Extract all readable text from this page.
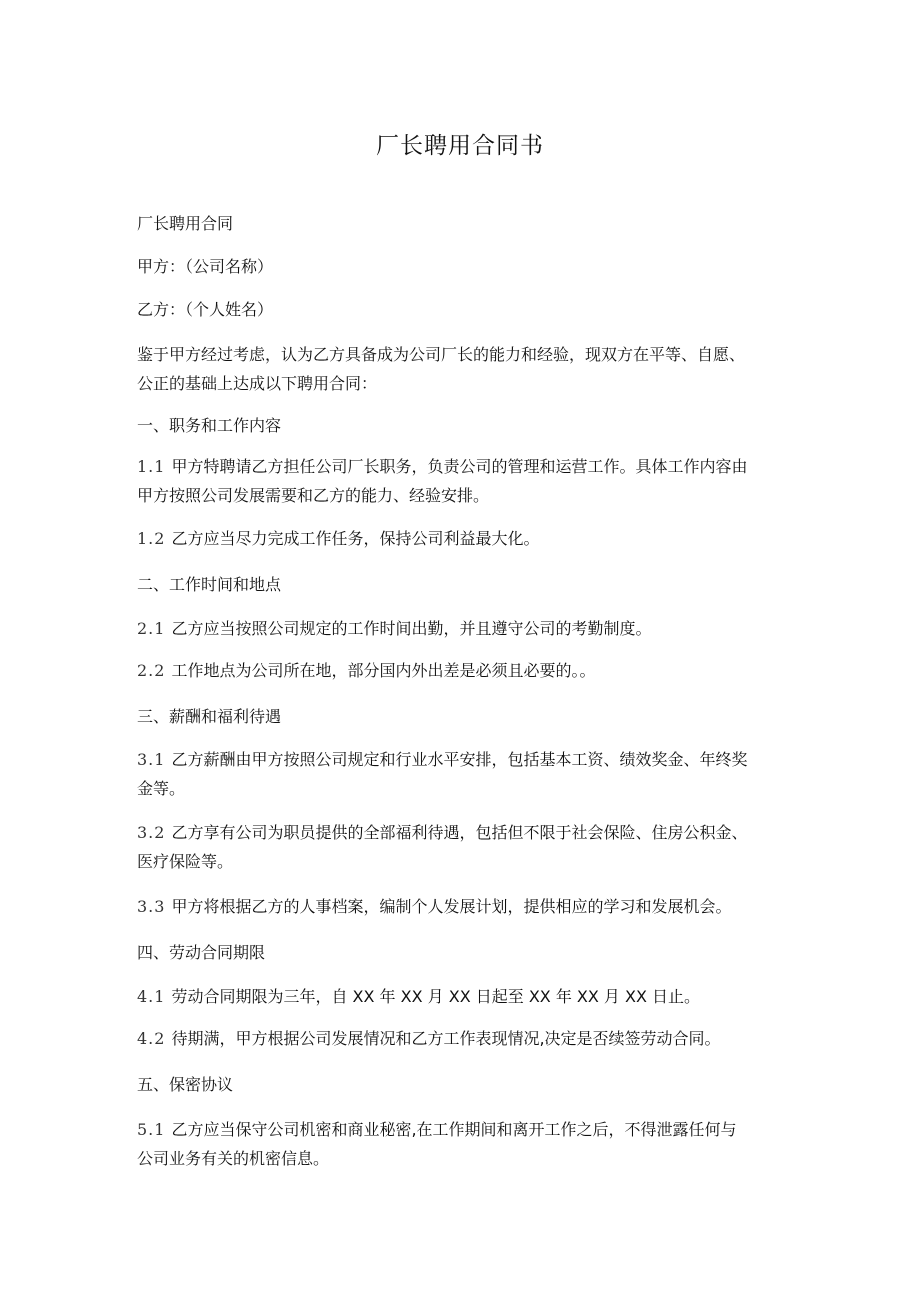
厂长聘用合同书
厂长聘用合同
甲方：（公司名称）
乙方：（个人姓名）
鉴于甲方经过考虑，认为乙方具备成为公司厂长的能力和经验，现双方在平等、自愿、
公正的基础上达成以下聘用合同：
一、职务和工作内容
1.1 甲方特聘请乙方担任公司厂长职务，负责公司的管理和运营工作。具体工作内容由
甲方按照公司发展需要和乙方的能力、经验安排。
1.2 乙方应当尽力完成工作任务，保持公司利益最大化。
二、工作时间和地点
2.1 乙方应当按照公司规定的工作时间出勤，并且遵守公司的考勤制度。
2.2 工作地点为公司所在地，部分国内外出差是必须且必要的。。
三、薪酬和福利待遇
3.1 乙方薪酬由甲方按照公司规定和行业水平安排，包括基本工资、绩效奖金、年终奖
金等。
3.2 乙方享有公司为职员提供的全部福利待遇，包括但不限于社会保险、住房公积金、
医疗保险等。
3.3 甲方将根据乙方的人事档案，编制个人发展计划，提供相应的学习和发展机会。
四、劳动合同期限
4.1 劳动合同期限为三年，自 XX 年 XX 月 XX 日起至 XX 年 XX 月 XX 日止。
4.2 待期满，甲方根据公司发展情况和乙方工作表现情况,决定是否续签劳动合同。
五、保密协议
5.1 乙方应当保守公司机密和商业秘密,在工作期间和离开工作之后，不得泄露任何与
公司业务有关的机密信息。
